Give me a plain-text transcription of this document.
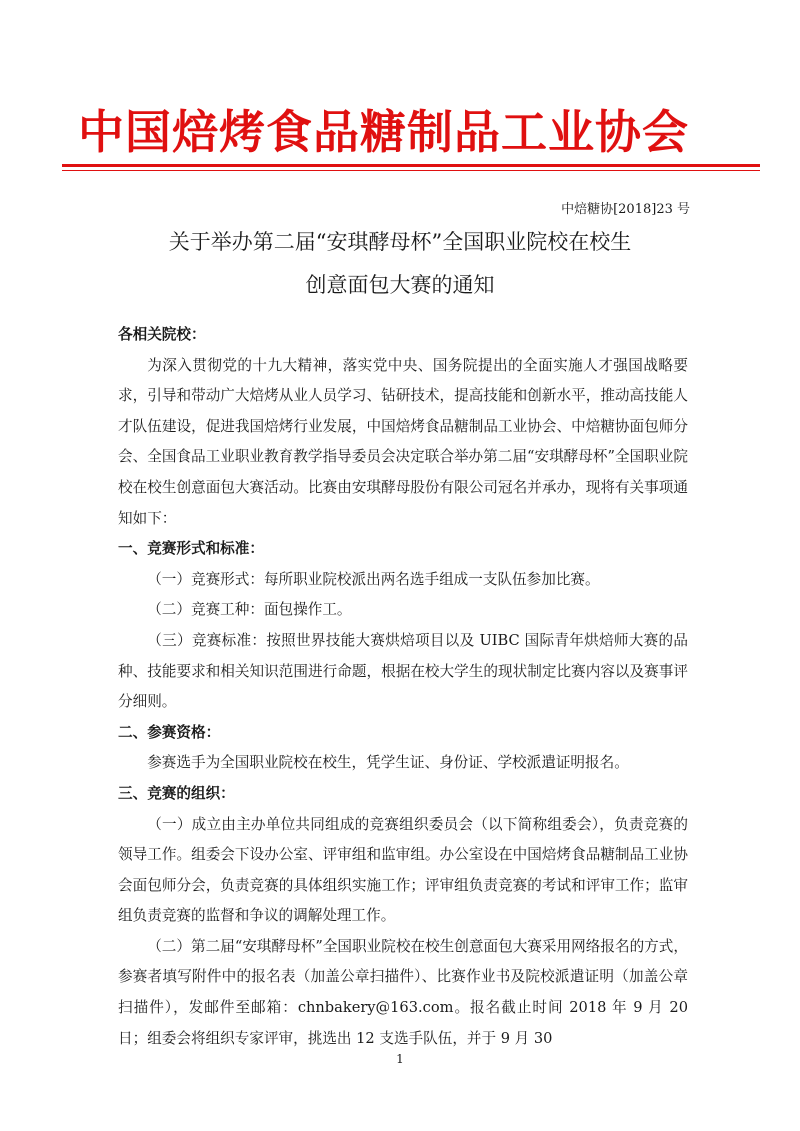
中国焙烤食品糖制品工业协会
中焙糖协[2018]23 号
关于举办第二届“安琪酵母杯”全国职业院校在校生
创意面包大赛的通知

各相关院校：

为深入贯彻党的十九大精神，落实党中央、国务院提出的全面实施人才强国战略要求，引导和带动广大焙烤从业人员学习、钻研技术，提高技能和创新水平，推动高技能人才队伍建设，促进我国焙烤行业发展，中国焙烤食品糖制品工业协会、中焙糖协面包师分会、全国食品工业职业教育教学指导委员会决定联合举办第二届“安琪酵母杯”全国职业院校在校生创意面包大赛活动。比赛由安琪酵母股份有限公司冠名并承办，现将有关事项通知如下：

一、竞赛形式和标准：

（一）竞赛形式：每所职业院校派出两名选手组成一支队伍参加比赛。

（二）竞赛工种：面包操作工。

（三）竞赛标准：按照世界技能大赛烘焙项目以及 UIBC 国际青年烘焙师大赛的品种、技能要求和相关知识范围进行命题，根据在校大学生的现状制定比赛内容以及赛事评分细则。

二、参赛资格：

参赛选手为全国职业院校在校生，凭学生证、身份证、学校派遣证明报名。

三、竞赛的组织：

（一）成立由主办单位共同组成的竞赛组织委员会（以下简称组委会），负责竞赛的领导工作。组委会下设办公室、评审组和监审组。办公室设在中国焙烤食品糖制品工业协会面包师分会，负责竞赛的具体组织实施工作；评审组负责竞赛的考试和评审工作；监审组负责竞赛的监督和争议的调解处理工作。

（二）第二届“安琪酵母杯”全国职业院校在校生创意面包大赛采用网络报名的方式，参赛者填写附件中的报名表（加盖公章扫描件）、比赛作业书及院校派遣证明（加盖公章扫描件），发邮件至邮箱：chnbakery@163.com。报名截止时间 2018 年 9 月 20 日；组委会将组织专家评审，挑选出 12 支选手队伍，并于 9 月 30

1
